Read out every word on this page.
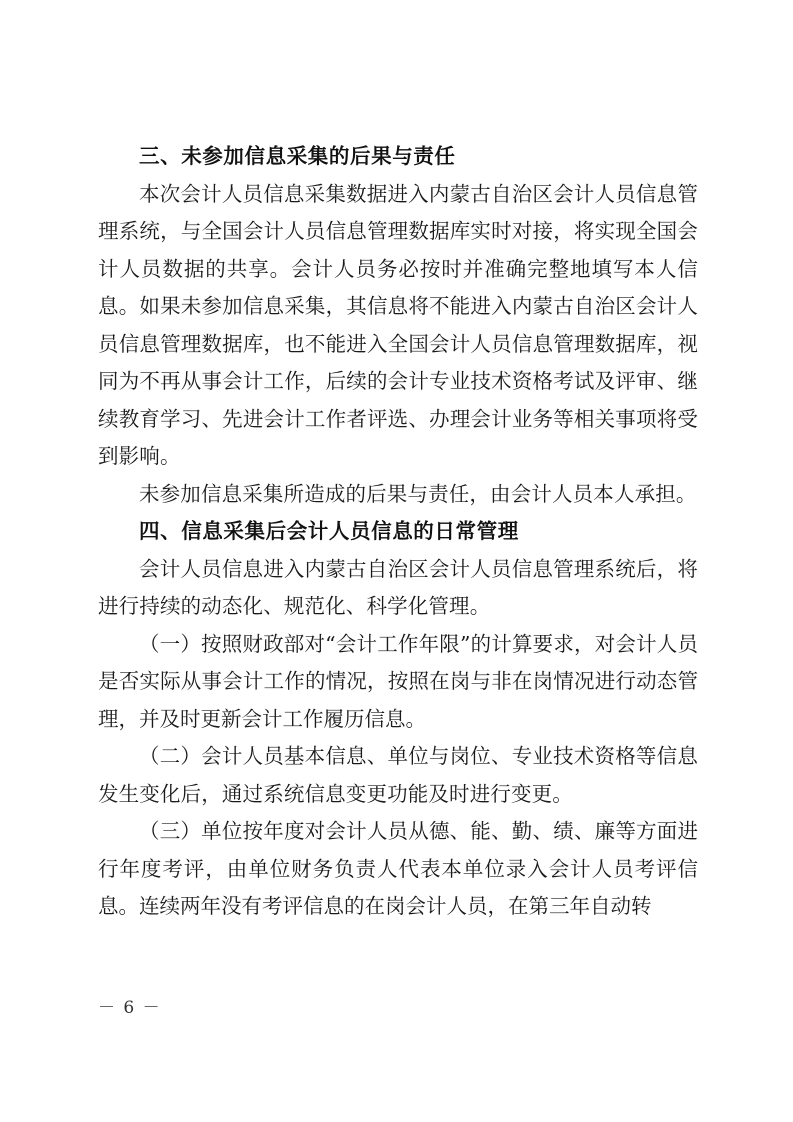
三、未参加信息采集的后果与责任

本次会计人员信息采集数据进入内蒙古自治区会计人员信息管理系统，与全国会计人员信息管理数据库实时对接，将实现全国会计人员数据的共享。会计人员务必按时并准确完整地填写本人信息。如果未参加信息采集，其信息将不能进入内蒙古自治区会计人员信息管理数据库，也不能进入全国会计人员信息管理数据库，视同为不再从事会计工作，后续的会计专业技术资格考试及评审、继续教育学习、先进会计工作者评选、办理会计业务等相关事项将受到影响。

未参加信息采集所造成的后果与责任，由会计人员本人承担。

四、信息采集后会计人员信息的日常管理

会计人员信息进入内蒙古自治区会计人员信息管理系统后，将进行持续的动态化、规范化、科学化管理。

（一）按照财政部对“会计工作年限”的计算要求，对会计人员是否实际从事会计工作的情况，按照在岗与非在岗情况进行动态管理，并及时更新会计工作履历信息。

（二）会计人员基本信息、单位与岗位、专业技术资格等信息发生变化后，通过系统信息变更功能及时进行变更。

（三）单位按年度对会计人员从德、能、勤、绩、廉等方面进行年度考评，由单位财务负责人代表本单位录入会计人员考评信息。连续两年没有考评信息的在岗会计人员，在第三年自动转

－ 6 －
